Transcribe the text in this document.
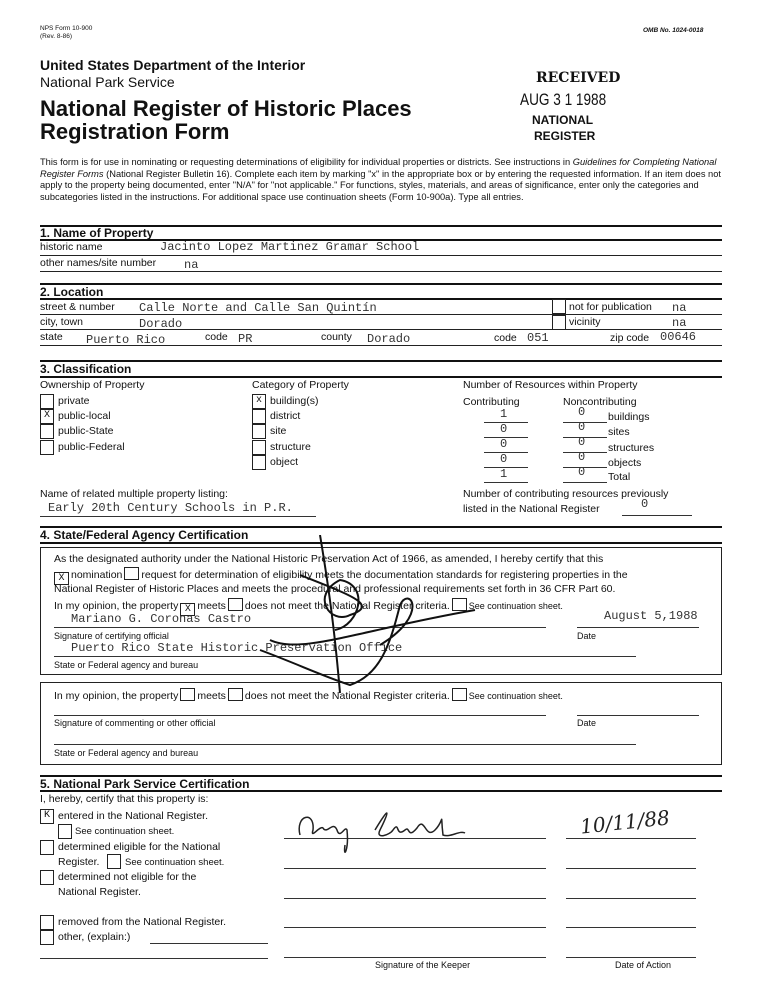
NPS Form 10-900
(Rev. 8-86)
OMB No. 1024-0018
United States Department of the Interior
National Park Service
National Register of Historic Places
Registration Form
RECEIVED
AUG 3 1 1988
NATIONAL
REGISTER
This form is for use in nominating or requesting determinations of eligibility for individual properties or districts. See instructions in Guidelines for Completing National Register Forms (National Register Bulletin 16). Complete each item by marking "x" in the appropriate box or by entering the requested information. If an item does not apply to the property being documented, enter "N/A" for "not applicable." For functions, styles, materials, and areas of significance, enter only the categories and subcategories listed in the instructions. For additional space use continuation sheets (Form 10-900a). Type all entries.
1. Name of Property
historic name	Jacinto Lopez Martinez Gramar School
other names/site number na
2. Location
street & number Calle Norte and Calle San Quintín	not for publication na
city, town	Dorado	vicinity	na
state Puerto Rico	code PR	county Dorado	code 051	zip code 00646
3. Classification
Ownership of Property	Category of Property	Number of Resources within Property
Contributing	Noncontributing
private
X public-local
public-State
public-Federal
x building(s)
district
site
structure
object
1	0 buildings
0	0 sites
0	0 structures
0	0 objects
1	0 Total
Name of related multiple property listing:
Early 20th Century Schools in P.R.
Number of contributing resources previously
listed in the National Register	0
4. State/Federal Agency Certification
As the designated authority under the National Historic Preservation Act of 1966, as amended, I hereby certify that this
X nomination request for determination of eligibility meets the documentation standards for registering properties in the
National Register of Historic Places and meets the procedural and professional requirements set forth in 36 CFR Part 60.
In my opinion, the property X meets does not meet the National Register criteria. See continuation sheet.
Mariano G. Coronas Castro	August 5,1988
Signature of certifying official	Date
Puerto Rico State Historic Preservation Office
State or Federal agency and bureau
In my opinion, the property meets does not meet the National Register criteria. See continuation sheet.
Signature of commenting or other official	Date
State or Federal agency and bureau
5. National Park Service Certification
I, hereby, certify that this property is:
K entered in the National Register.
See continuation sheet.
determined eligible for the National
Register.	See continuation sheet.
determined not eligible for the
National Register.
removed from the National Register.
other, (explain:)
10/11/88
Signature of the Keeper	Date of Action
